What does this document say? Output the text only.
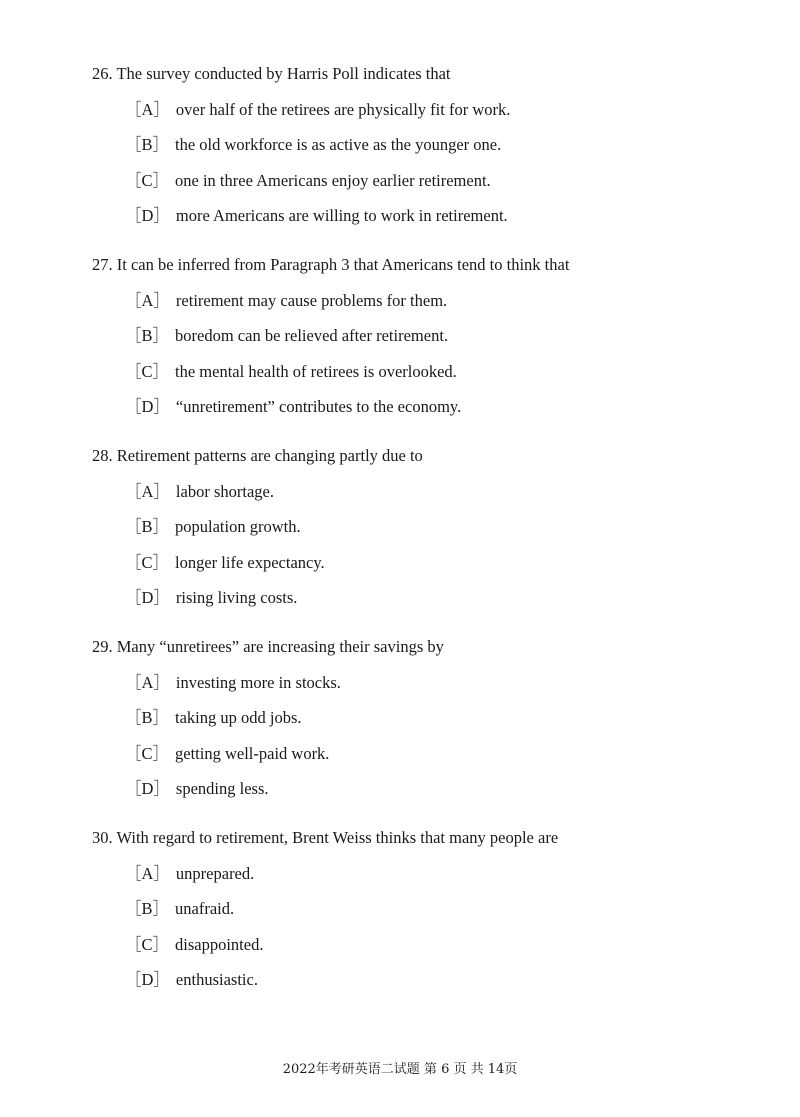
26. The survey conducted by Harris Poll indicates that
［A］ over half of the retirees are physically fit for work.
［B］ the old workforce is as active as the younger one.
［C］ one in three Americans enjoy earlier retirement.
［D］ more Americans are willing to work in retirement.
27. It can be inferred from Paragraph 3 that Americans tend to think that
［A］ retirement may cause problems for them.
［B］ boredom can be relieved after retirement.
［C］ the mental health of retirees is overlooked.
［D］ “unretirement” contributes to the economy.
28. Retirement patterns are changing partly due to
［A］ labor shortage.
［B］ population growth.
［C］ longer life expectancy.
［D］ rising living costs.
29. Many “unretirees” are increasing their savings by
［A］ investing more in stocks.
［B］ taking up odd jobs.
［C］ getting well-paid work.
［D］ spending less.
30. With regard to retirement, Brent Weiss thinks that many people are
［A］ unprepared.
［B］ unafraid.
［C］ disappointed.
［D］ enthusiastic.
2022年考研英语二试题 第 6 页 共 14页
